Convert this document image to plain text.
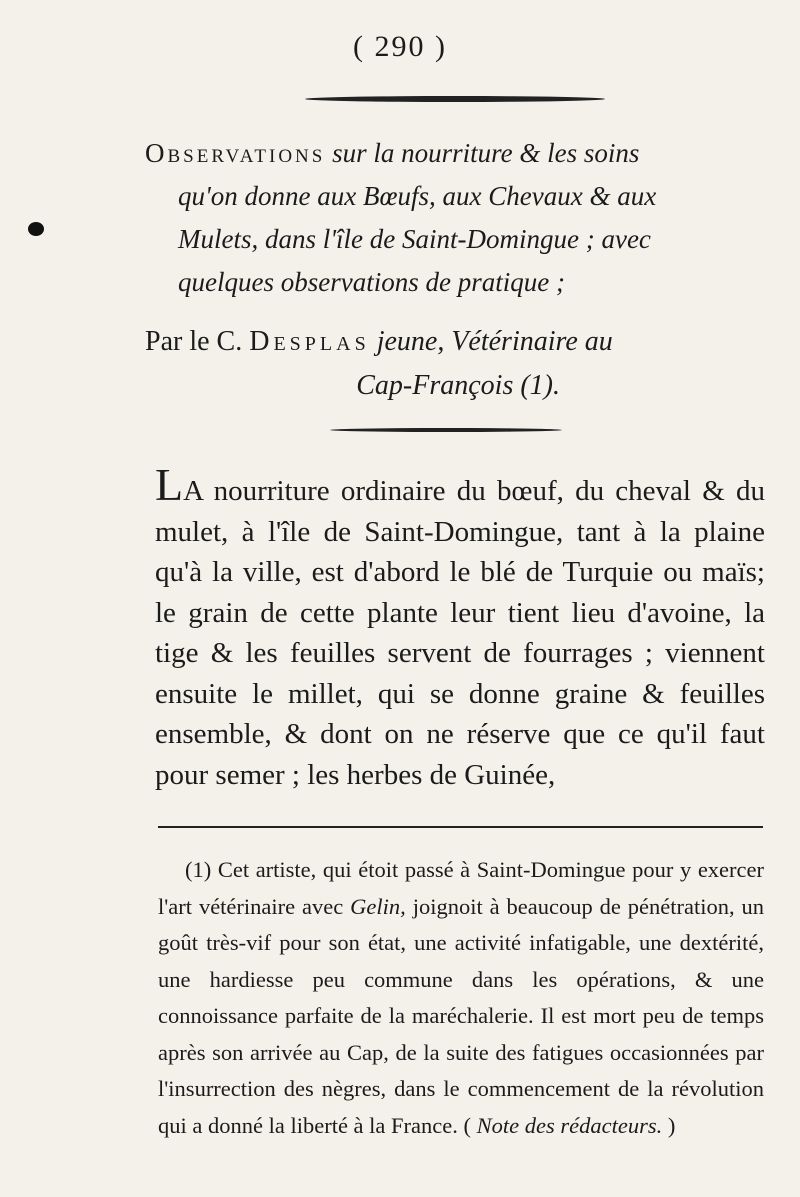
( 290 )
Observations sur la nourriture & les soins
qu'on donne aux Bœufs, aux Chevaux & aux
Mulets, dans l'île de Saint-Domingue ; avec
quelques observations de pratique ;
Par le C. Desplas jeune, Vétérinaire au
Cap-François (1).

LA nourriture ordinaire du bœuf, du cheval & du mulet, à l'île de Saint-Domingue, tant à la plaine qu'à la ville, est d'abord le blé de Turquie ou maïs; le grain de cette plante leur tient lieu d'avoine, la tige & les feuilles servent de fourrages ; viennent ensuite le millet, qui se donne graine & feuilles ensemble, & dont on ne réserve que ce qu'il faut pour semer ; les herbes de Guinée,

(1) Cet artiste, qui étoit passé à Saint-Domingue pour y exercer l'art vétérinaire avec Gelin, joignoit à beaucoup de pénétration, un goût très-vif pour son état, une activité infatigable, une dextérité, une hardiesse peu commune dans les opérations, & une connoissance parfaite de la maréchalerie. Il est mort peu de temps après son arrivée au Cap, de la suite des fatigues occasionnées par l'insurrection des nègres, dans le commencement de la révolution qui a donné la liberté à la France. ( Note des rédacteurs. )
